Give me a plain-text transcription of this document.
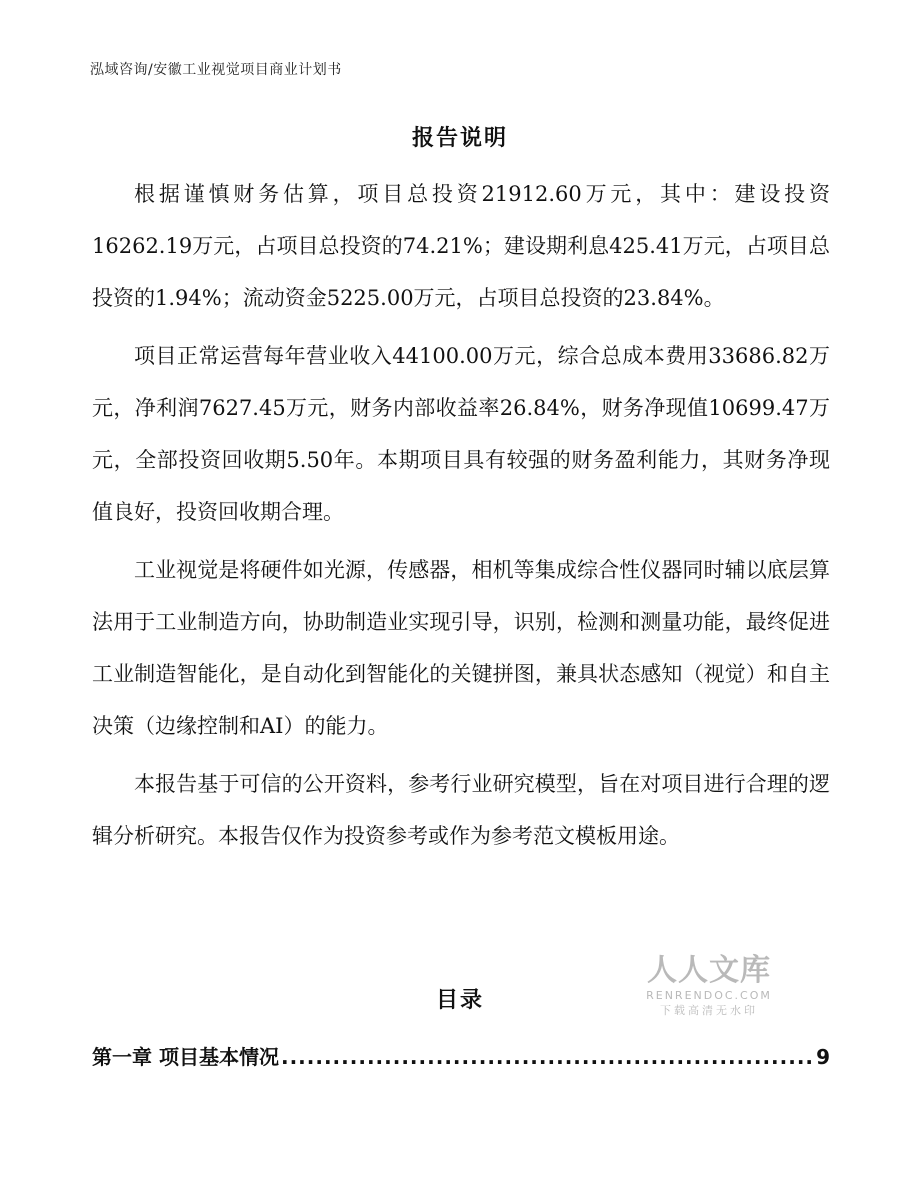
泓域咨询/安徽工业视觉项目商业计划书
报告说明

根据谨慎财务估算，项目总投资21912.60万元，其中：建设投资16262.19万元，占项目总投资的74.21%；建设期利息425.41万元，占项目总投资的1.94%；流动资金5225.00万元，占项目总投资的23.84%。

项目正常运营每年营业收入44100.00万元，综合总成本费用33686.82万元，净利润7627.45万元，财务内部收益率26.84%，财务净现值10699.47万元，全部投资回收期5.50年。本期项目具有较强的财务盈利能力，其财务净现值良好，投资回收期合理。

工业视觉是将硬件如光源，传感器，相机等集成综合性仪器同时辅以底层算法用于工业制造方向，协助制造业实现引导，识别，检测和测量功能，最终促进工业制造智能化，是自动化到智能化的关键拼图，兼具状态感知（视觉）和自主决策（边缘控制和AI）的能力。

本报告基于可信的公开资料，参考行业研究模型，旨在对项目进行合理的逻辑分析研究。本报告仅作为投资参考或作为参考范文模板用途。

人人文库
RENRENDOC.COM
下载高清无水印
目录
第一章 项目基本情况
.....	9
